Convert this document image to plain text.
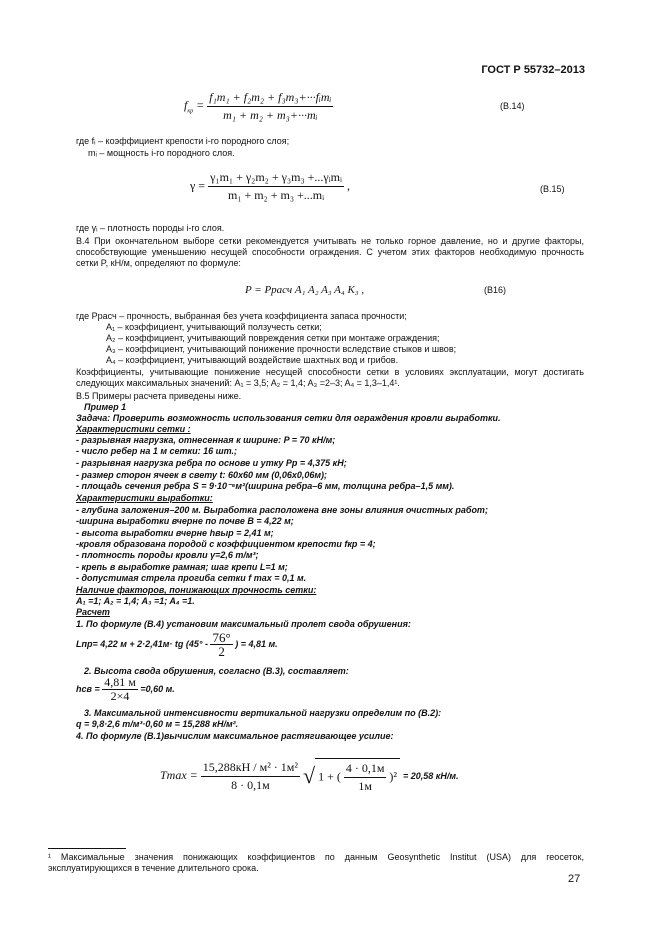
ГОСТ Р 55732–2013
$f_{кр} = \frac{\text{f₁m₁ + f₂m₂ + f₃m₃+···fᵢmᵢ}}{\text{m₁ + m₂ + m₃+···mᵢ}}$	(В.14)
где fᵢ – коэффициент крепости i-го породного слоя;
mᵢ – мощность i-го породного слоя.
$\gamma = \frac{\text{γ₁m₁ + γ₂m₂ + γ₃m₃ +...γᵢmᵢ}}{\text{m₁ + m₂ + m₃ +...mᵢ}}$ ,	(В.15)
где γᵢ – плотность породы i-го слоя.
В.4 При окончательном выборе сетки рекомендуется учитывать не только горное давление, но и другие факторы, способствующие уменьшению несущей способности ограждения. С учетом этих факторов необходимую прочность сетки P, кН/м, определяют по формуле:
P = Pрасч A₁ A₂ A₃ A₄ K₃ ,	(В16)
где Pрасч – прочность, выбранная без учета коэффициента запаса прочности;
A₁ – коэффициент, учитывающий ползучесть сетки;
A₂ – коэффициент, учитывающий повреждения сетки при монтаже ограждения;
A₃ – коэффициент, учитывающий понижение прочности вследствие стыков и швов;
A₄ – коэффициент, учитывающий воздействие шахтных вод и грибов.
Коэффициенты, учитывающие понижение несущей способности сетки в условиях эксплуатации, могут достигать следующих максимальных значений: A₁ = 3,5; A₂ = 1,4; A₃ =2–3; A₄ = 1,3–1,4¹.
В.5 Примеры расчета приведены ниже.
Пример 1
Задача: Проверить возможность использования сетки для ограждения кровли выработки.
Характеристики сетки :
- разрывная нагрузка, отнесенная к ширине: P = 70 кН/м;
- число ребер на 1 м сетки: 16 шт.;
- разрывная нагрузка ребра по основе и утку Pр = 4,375 кН;
- размер сторон ячеек в свету t: 60х60 мм (0,06х0,06м);
- площадь сечения ребра S = 9·10⁻⁶м²(ширина ребра–6 мм, толщина ребра–1,5 мм).
Характеристики выработки:
- глубина заложения–200 м. Выработка расположена вне зоны влияния очистных работ;
-ширина выработки вчерне по почве B = 4,22 м;
- высота выработки вчерне hвыр = 2,41 м;
-кровля образована породой с коэффициентом крепости fкр = 4;
- плотность породы кровли γ=2,6 т/м³;
- крепь в выработке рамная; шаг крепи L=1 м;
- допустимая стрела прогиба сетки f max = 0,1 м.
Наличие факторов, понижающих прочность сетки:
A₁ =1; A₂ = 1,4; A₃ =1; A₄ =1.
Расчет
1. По формуле (В.4) установим максимальный пролет свода обрушения:
Lпр= 4,22 м + 2·2,41м· tg ($45^\circ - \frac{76^\circ}{2}$ ) = 4,81 м.
2. Высота свода обрушения, согласно (В.3), составляет:
hсв = $\frac{4,81 м}{2\times 4} =0,60$ м.
3. Максимальной интенсивности вертикальной нагрузки определим по (В.2):
q = 9,8·2,6 т/м³·0,60 м = 15,288 кН/м².
4. По формуле (В.1)вычислим максимальное растягивающее усилие:
$Tmax = \frac{\text{15,288кН / м² · 1м²}}{8 \cdot 0,1м}$ √ 1 + ( $\frac{4 \cdot 0,1м}{1м} )^2 = 20,58$ кН/м.
¹ Максимальные значения понижающих коэффициентов по данным Geosynthetic Institut (USA) для геосеток, эксплуатирующихся в течение длительного срока.
27
